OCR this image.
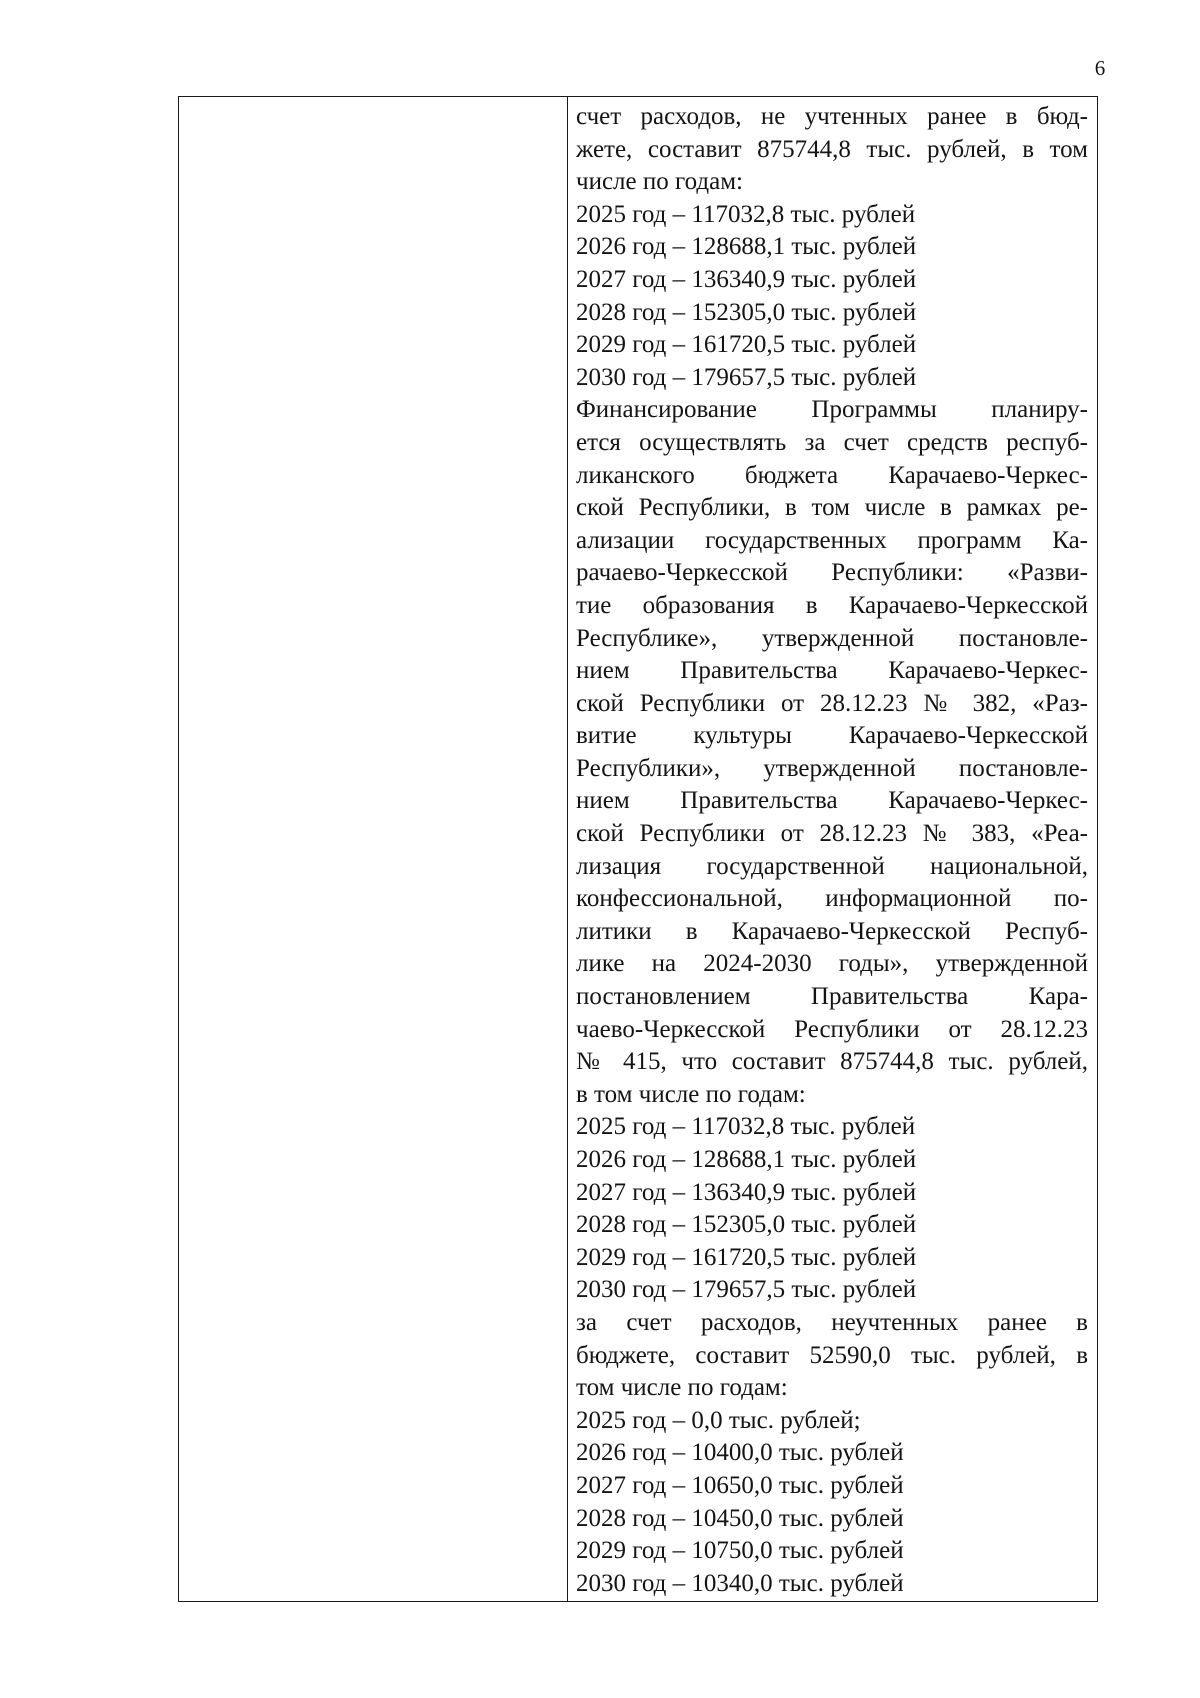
6
счет расходов, не учтенных ранее в бюд-
жете, составит 875744,8 тыс. рублей, в том
числе по годам:
2025 год – 117032,8 тыс. рублей
2026 год – 128688,1 тыс. рублей
2027 год – 136340,9 тыс. рублей
2028 год – 152305,0 тыс. рублей
2029 год – 161720,5 тыс. рублей
2030 год – 179657,5 тыс. рублей
Финансирование Программы планиру-
ется осуществлять за счет средств респуб-
ликанского бюджета Карачаево-Черкес-
ской Республики, в том числе в рамках ре-
ализации государственных программ Ка-
рачаево-Черкесской Республики: «Разви-
тие образования в Карачаево-Черкесской
Республике», утвержденной постановле-
нием Правительства Карачаево-Черкес-
ской Республики от 28.12.23 № 382, «Раз-
витие культуры Карачаево-Черкесской
Республики», утвержденной постановле-
нием Правительства Карачаево-Черкес-
ской Республики от 28.12.23 № 383, «Реа-
лизация государственной национальной,
конфессиональной, информационной по-
литики в Карачаево-Черкесской Респуб-
лике на 2024-2030 годы», утвержденной
постановлением Правительства Кара-
чаево-Черкесской Республики от 28.12.23
№ 415, что составит 875744,8 тыс. рублей,
в том числе по годам:
2025 год – 117032,8 тыс. рублей
2026 год – 128688,1 тыс. рублей
2027 год – 136340,9 тыс. рублей
2028 год – 152305,0 тыс. рублей
2029 год – 161720,5 тыс. рублей
2030 год – 179657,5 тыс. рублей
за счет расходов, неучтенных ранее в
бюджете, составит 52590,0 тыс. рублей, в
том числе по годам:
2025 год – 0,0 тыс. рублей;
2026 год – 10400,0 тыс. рублей
2027 год – 10650,0 тыс. рублей
2028 год – 10450,0 тыс. рублей
2029 год – 10750,0 тыс. рублей
2030 год – 10340,0 тыс. рублей
